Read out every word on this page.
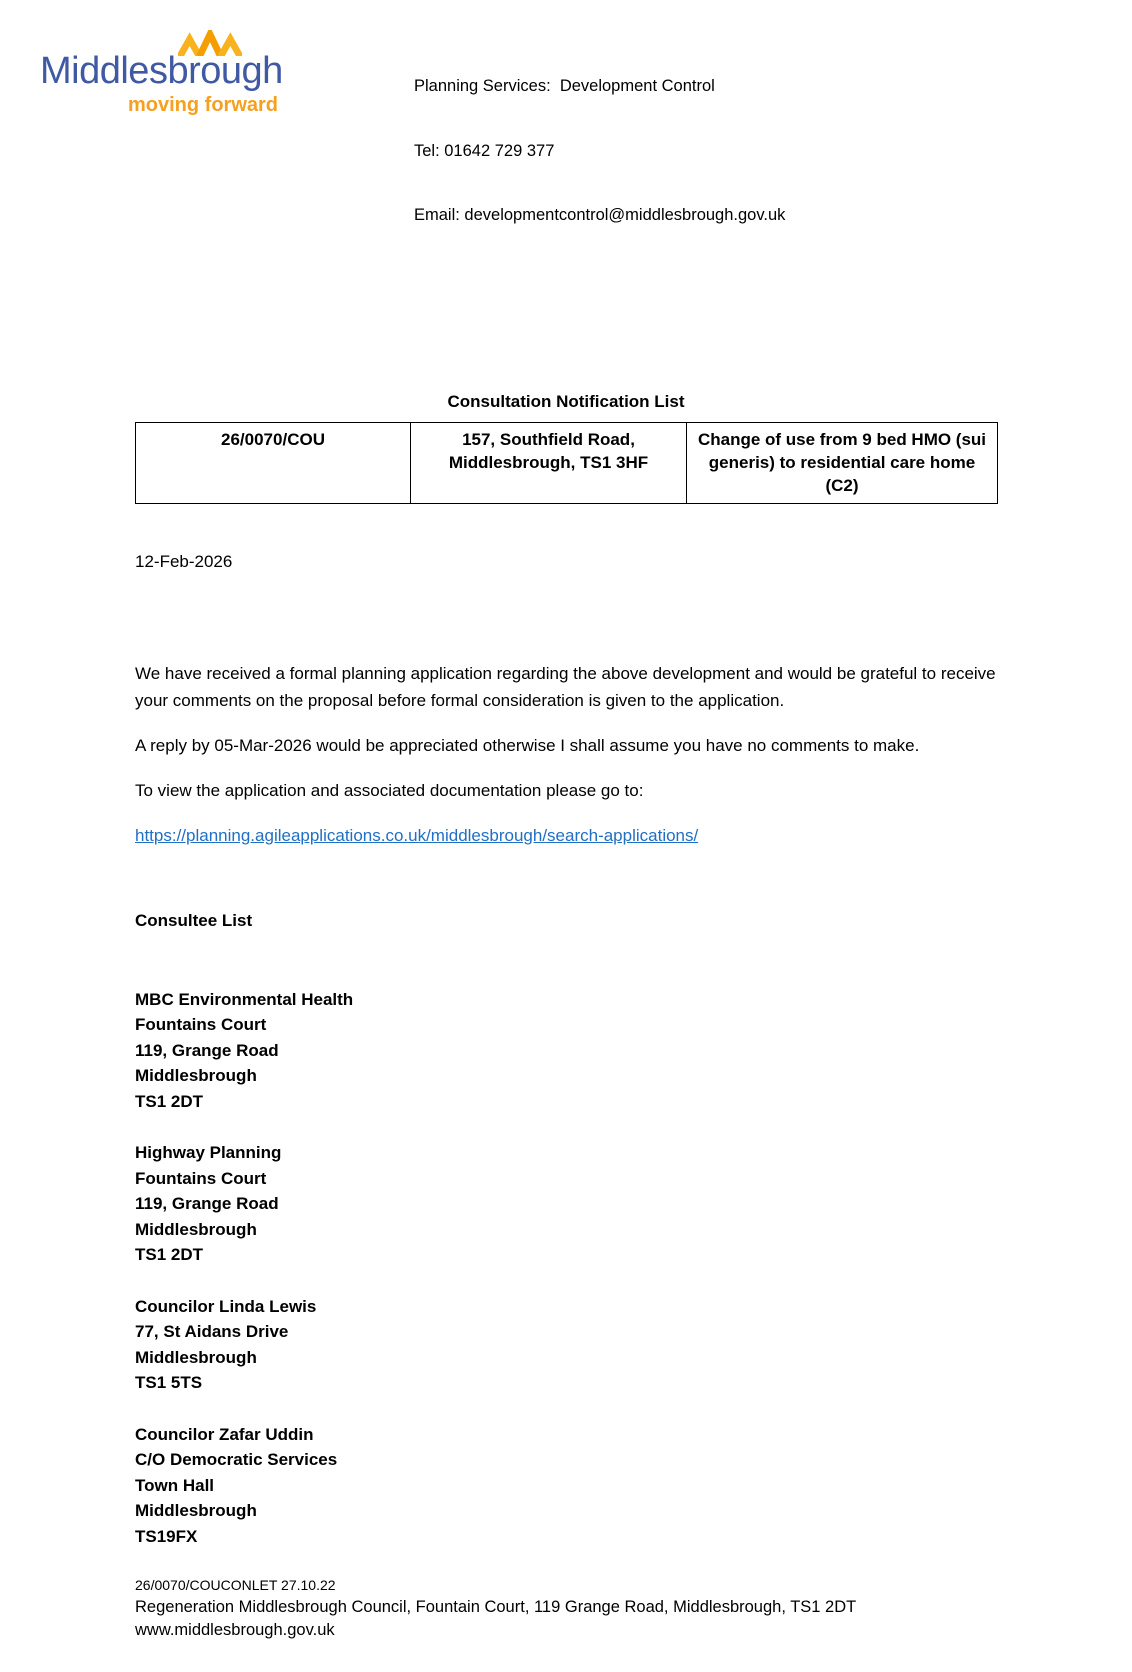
Middlesbrough
moving forward

Planning Services:  Development Control

Tel: 01642 729 377

Email: developmentcontrol@middlesbrough.gov.uk

Consultation Notification List
26/0070/COU	157, Southfield Road, Middlesbrough, TS1 3HF	Change of use from 9 bed HMO (sui generis) to residential care home (C2)
12-Feb-2026

We have received a formal planning application regarding the above development and would be grateful to receive your comments on the proposal before formal consideration is given to the application.

A reply by 05-Mar-2026 would be appreciated otherwise I shall assume you have no comments to make.

To view the application and associated documentation please go to:

https://planning.agileapplications.co.uk/middlesbrough/search-applications/

Consultee List
MBC Environmental Health
Fountains Court
119, Grange Road
Middlesbrough
TS1 2DT
Highway Planning
Fountains Court
119, Grange Road
Middlesbrough
TS1 2DT
Councilor Linda Lewis
77, St Aidans Drive
Middlesbrough
TS1 5TS
Councilor Zafar Uddin
C/O Democratic Services
Town Hall
Middlesbrough
TS19FX
26/0070/COUCONLET 27.10.22
Regeneration Middlesbrough Council, Fountain Court, 119 Grange Road, Middlesbrough, TS1 2DT
www.middlesbrough.gov.uk
